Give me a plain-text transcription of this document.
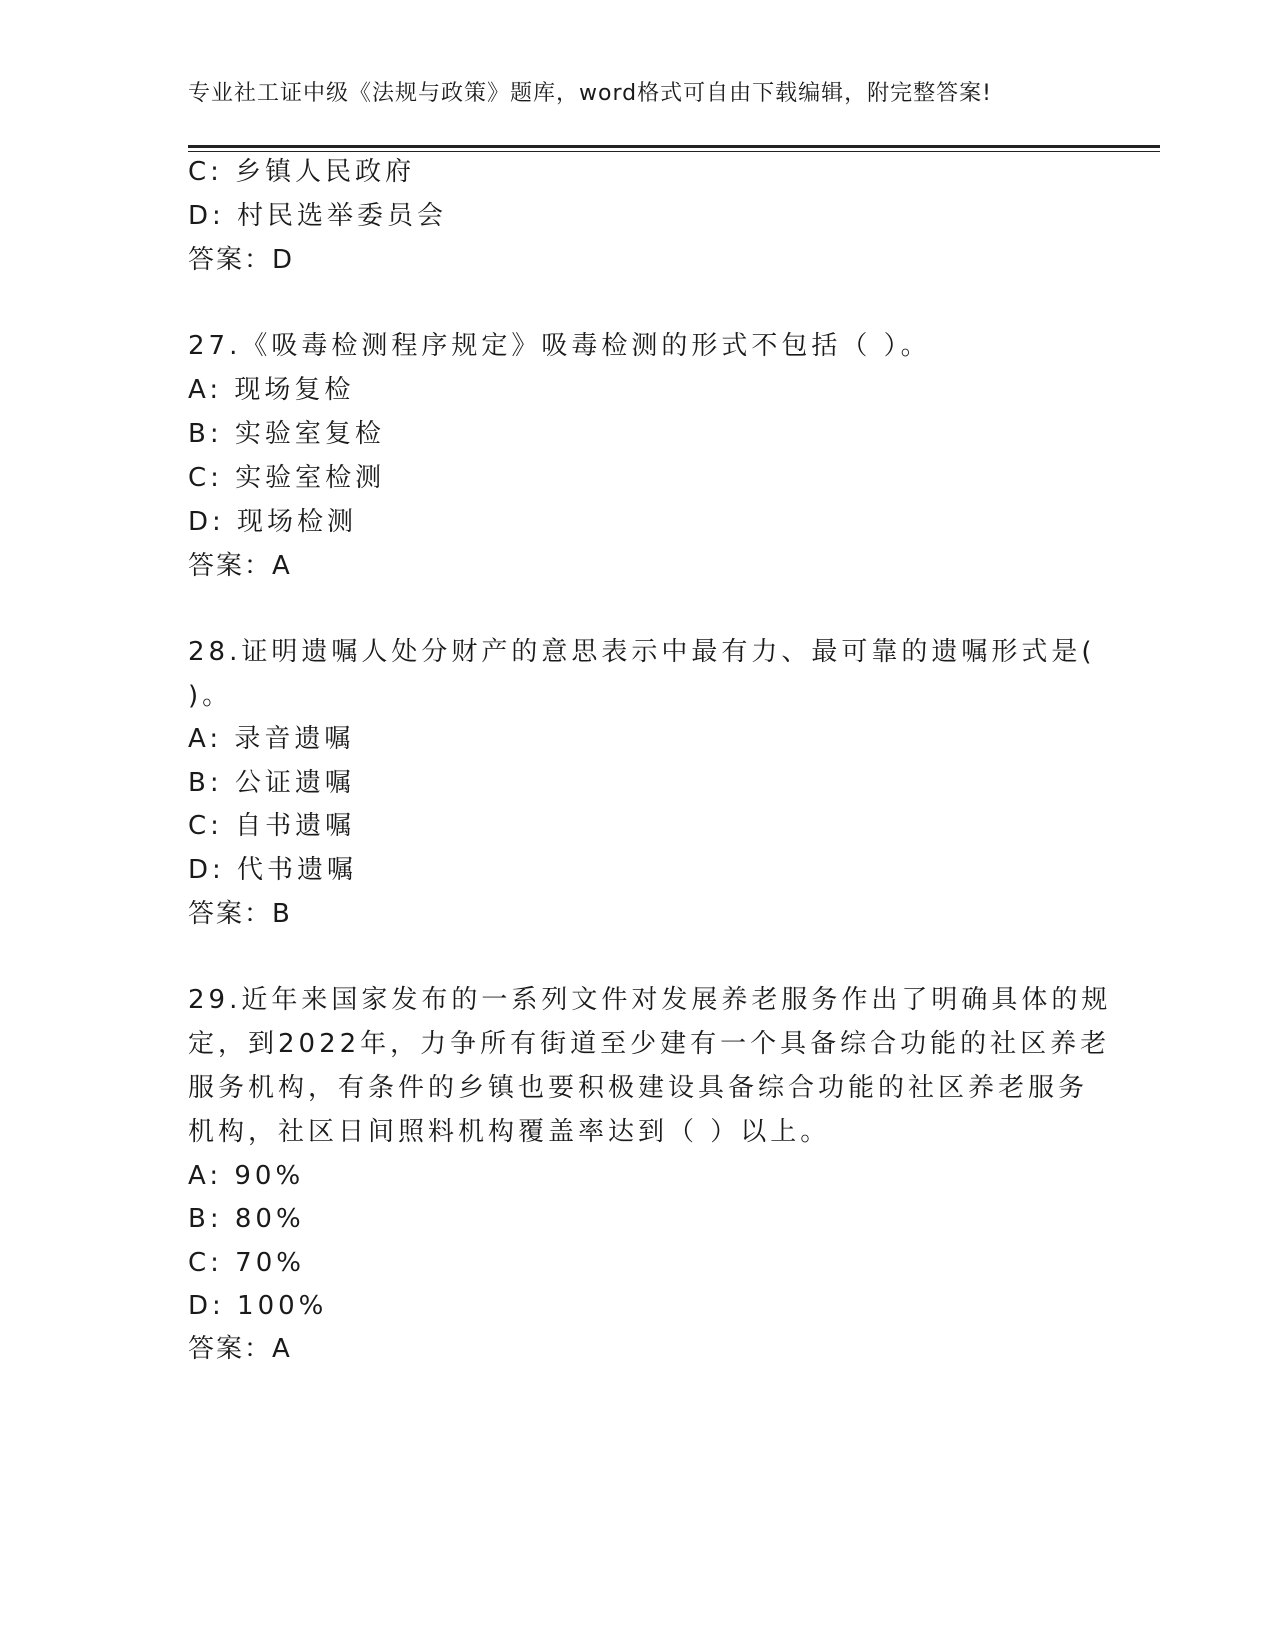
专业社工证中级《法规与政策》题库，word格式可自由下载编辑，附完整答案!
C: 乡镇人民政府
D: 村民选举委员会
答案：D
27.《吸毒检测程序规定》吸毒检测的形式不包括（ ）。
A: 现场复检
B: 实验室复检
C: 实验室检测
D: 现场检测
答案：A
28.证明遗嘱人处分财产的意思表示中最有力、最可靠的遗嘱形式是(
)。
A: 录音遗嘱
B: 公证遗嘱
C: 自书遗嘱
D: 代书遗嘱
答案：B
29.近年来国家发布的一系列文件对发展养老服务作出了明确具体的规
定，到2022年，力争所有街道至少建有一个具备综合功能的社区养老
服务机构，有条件的乡镇也要积极建设具备综合功能的社区养老服务
机构，社区日间照料机构覆盖率达到（ ）以上。
A: 90%
B: 80%
C: 70%
D: 100%
答案：A
